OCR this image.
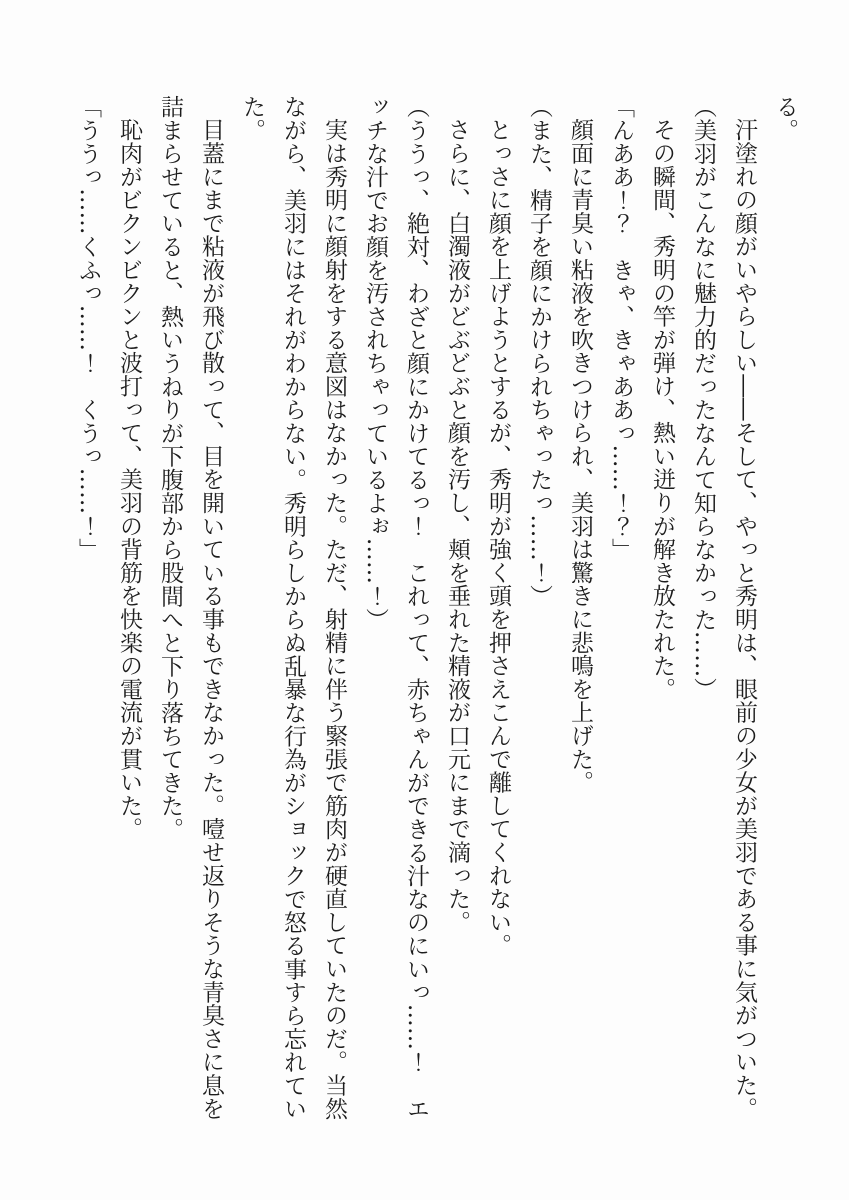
る。
汗塗れの顔がいやらしい――そして、やっと秀明は、眼前の少女が美羽である事に気がついた。
（美羽がこんなに魅力的だったなんて知らなかった……）
その瞬間、秀明の竿が弾け、熱い迸りが解き放たれた。
「んああ！？　きゃ、きゃああっ……！？」
顔面に青臭い粘液を吹きつけられ、美羽は驚きに悲鳴を上げた。
（また、精子を顔にかけられちゃったっ……！）
とっさに顔を上げようとするが、秀明が強く頭を押さえこんで離してくれない。
さらに、白濁液がどぶどぶと顔を汚し、頬を垂れた精液が口元にまで滴った。
（ううっ、絶対、わざと顔にかけてるっ！　これって、赤ちゃんができる汁なのにいっ……！　エ
ッチな汁でお顔を汚されちゃっているよぉ……！）
実は秀明に顔射をする意図はなかった。ただ、射精に伴う緊張で筋肉が硬直していたのだ。当然
ながら、美羽にはそれがわからない。秀明らしからぬ乱暴な行為がショックで怒る事すら忘れてい
た。
目蓋にまで粘液が飛び散って、目を開いている事もできなかった。噎せ返りそうな青臭さに息を
詰まらせていると、熱いうねりが下腹部から股間へと下り落ちてきた。
恥肉がビクンビクンと波打って、美羽の背筋を快楽の電流が貫いた。
「ううっ……くふっ……！　くうっ……！」
